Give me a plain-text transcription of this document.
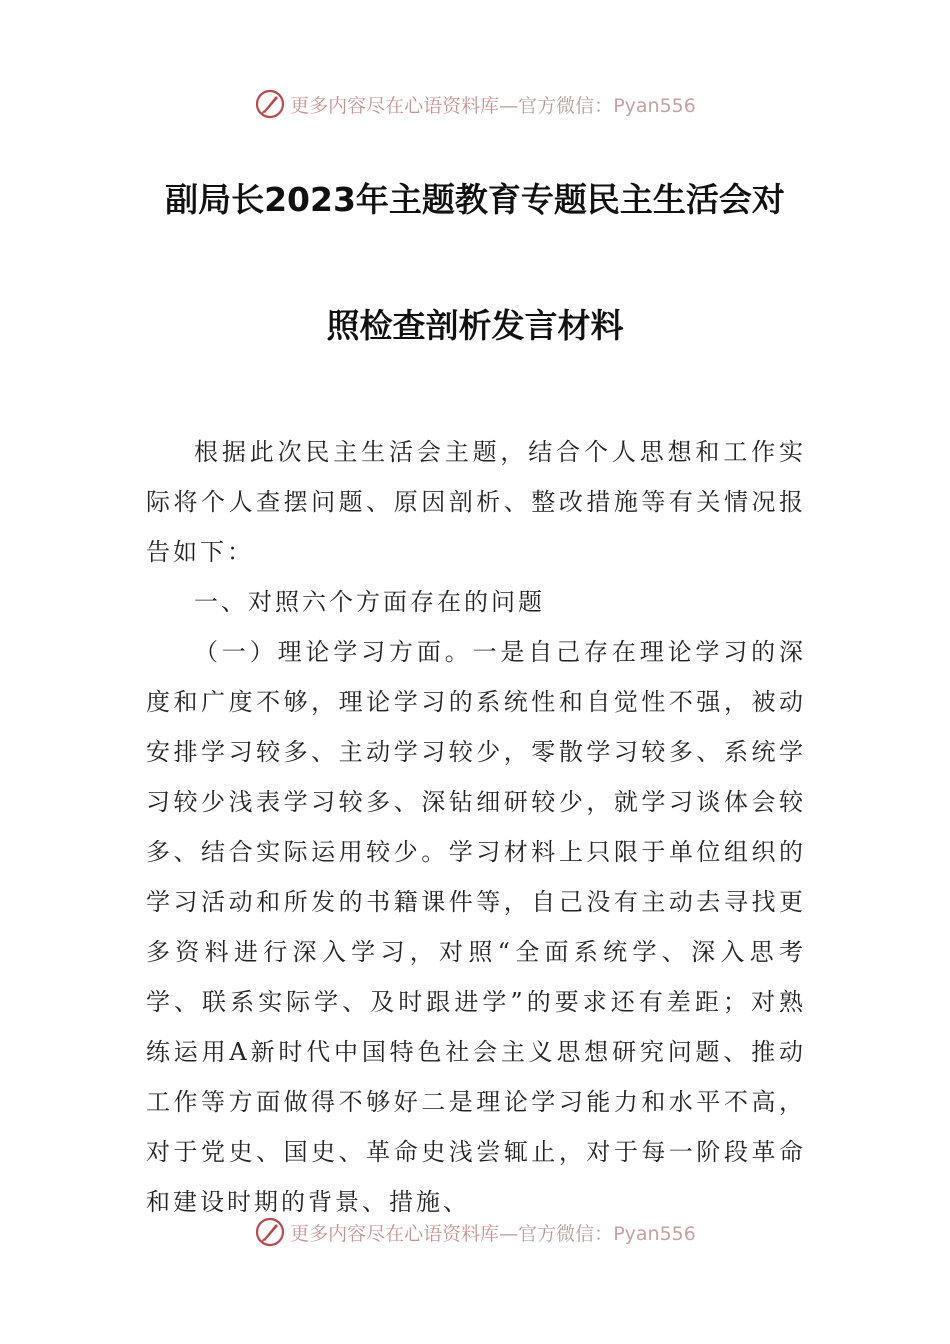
更多内容尽在心语资料库—官方微信：Pyan556
副局长2023年主题教育专题民主生活会对
照检查剖析发言材料

根据此次民主生活会主题，结合个人思想和工作实际将个人查摆问题、原因剖析、整改措施等有关情况报告如下：

一、对照六个方面存在的问题

（一）理论学习方面。一是自己存在理论学习的深度和广度不够，理论学习的系统性和自觉性不强，被动安排学习较多、主动学习较少，零散学习较多、系统学习较少浅表学习较多、深钻细研较少，就学习谈体会较多、结合实际运用较少。学习材料上只限于单位组织的学习活动和所发的书籍课件等，自己没有主动去寻找更多资料进行深入学习，对照“全面系统学、深入思考学、联系实际学、及时跟进学”的要求还有差距；对熟练运用A新时代中国特色社会主义思想研究问题、推动工作等方面做得不够好二是理论学习能力和水平不高，对于党史、国史、革命史浅尝辄止，对于每一阶段革命和建设时期的背景、措施、

更多内容尽在心语资料库—官方微信：Pyan556
